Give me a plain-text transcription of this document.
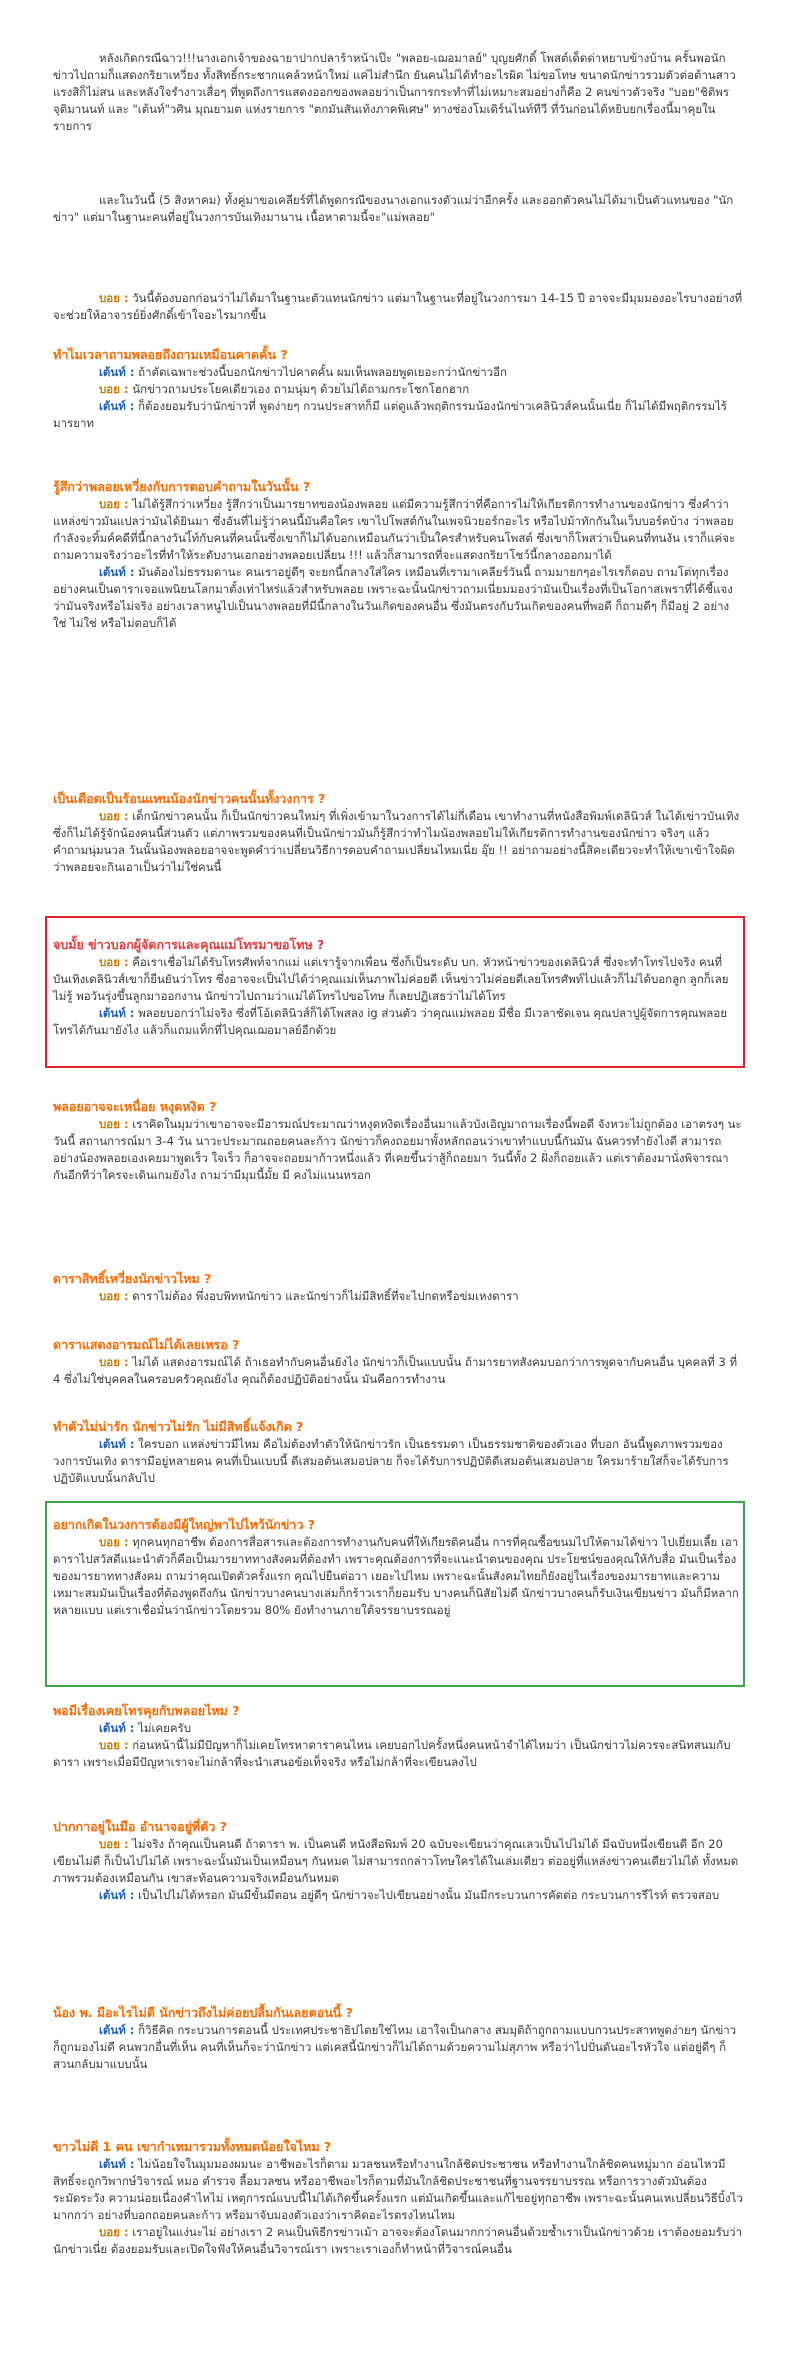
หลังเกิดกรณีฉาว!!!นางเอกเจ้าของฉายาปากปลาร้าหน้าเป๊ะ "พลอย-เฌอมาลย์" บุญยศักดิ์ โพสต์เด็ดด่าหยาบข้างบ้าน ครั้นพอนักข่าวไปถามก็แสดงกริยาเหวี่ยง ทั้งสิทธิ์กระชากแคล้วหน้าใหม่ แค่ไม่สำนึก ยันคนไม่ได้ทำอะไรผิด ไม่ขอโทษ ขนาดนักข่าวรวมตัวต่อต้านสาวแรงสิก็ไม่สน และหลังใจรำงาวเสื่อๆ ที่พูดถึงการแสดงออกของพลอยว่าเป็นการกระทำที่ไม่เหมาะสมอย่างก็คือ 2 คนข่าวตัวจริง "บอย"ชิติพร จุติมานนท์ และ "เต้นท์"วศิน มุณยามต แห่งรายการ "ตกมันสันเท้งภาคพิเศษ" ทางช่องโมเดิร์นไนท์ทีวี ที่วันก่อนได้หยิบยกเรื่องนี้มาคุยในรายการ

และในวันนี้ (5 สิงหาคม) ทั้งคู่มาขอเคลียร์ที่ได้พูดกรณีของนางเอกแรงตัวแม่ว่าอีกครั้ง และออกตัวคนไม่ได้มาเป็นตัวแทนของ "นักข่าว" แต่มาในฐานะคนที่อยู่ในวงการบันเทิงมานาน เนื้อหาตามนี้จะ"แม่พลอย"

บอย : วันนี้ต้องบอกก่อนว่าไม่ได้มาในฐานะตัวแทนนักข่าว แต่มาในฐานะที่อยู่ในวงการมา 14-15 ปี อาจจะมีมุมมองอะไรบางอย่างที่จะช่วยให้อาจารย์ยิ่งศักดิ์เข้าใจอะไรมากขึ้น

ทำไมเวลาถามพลอยถึงถามเหมือนคาดคั้น ?

เต้นท์ : ถ้าตัดเฉพาะช่วงนี้บอกนักข่าวไปคาดคั้น ผมเห็นพลอยพูดเยอะกว่านักข่าวอีก

บอย : นักข่าวถามประโยคเดียวเอง ถามนุ่มๆ ด้วยไม่ได้ถามกระโชกโฮกฮาก

เต้นท์ : ก็ต้องยอมรับว่านักข่าวที่ พูดง่ายๆ กวนประสาทก็มี แต่ดูแล้วพฤติกรรมน้องนักข่าวเคลินิวส์คนนั้นเนี่ย ก็ไม่ได้มีพฤติกรรมไร้มารยาท

รู้สึกว่าพลอยเหวี่ยงกับการตอบคำถามในวันนั้น ?

บอย : ไม่ได้รู้สึกว่าเหวี่ยง รู้สึกว่าเป็นมารยาทของน้องพลอย แต่มีความรู้สึกว่าที่คือการไม่ให้เกียรติการทำงานของนักข่าว ซึ่งคำว่าแหล่งข่าวมันแปลว่ามันได้ยินมา ซึ่งอันที่ไม่รู้ว่าคนนี้มันคือใคร เขาไปโพสต์กันในเพจนิวยอร์กอะไร หรือไปม้าทักกันในเว็บบอร์ดบ้าง ว่าพลอยกำลังจะทิ้มค์คดีที่นี้กลางวันไ้ท์กับคนที่คนนั้นซึ่งเขาก็ไม่ได้บอกเหมือนกันว่าเป็นใครสำหรับคนโพสต์ ซึ่งเขาก็โพสว่าเป็นคนที่ทนงัน เราก็แค่จะถามความจริงว่าอะไรที่ทำให้ระดับงานเอกอย่างพลอยเปลี่ยน !!! แล้วก็สามารถที่จะแสดงกริยาโชว์นี้กลางออกมาได้

เต้นท์ : มันต้องไม่ธรรมดานะ คนเราอยู่ดีๆ จะยกนี้กลางใส่ใคร เหมือนที่เรามาเคลียร์วันนี้ ถามมายกๆอะไรเรก็ตอบ ถามโต่ทุกเรื่อง อย่างคนเป็นดาราเจอแพนิยนโลกมาตั้งเท่าไหร่แล้วสำหรับพลอย เพราะฉะนั้นนักข่าวถามเนี่ยมมองว่ามันเป็นเรื่องที่เป็นโอกาสเพราที่ได้ชี้แจงว่ามันจริงหรือไม่จริง อย่างเวลาหนูไปเป็นนางพลอยที่มีนี้กลางในวันเกิดของคนอื่น ซึ่งมันตรงกับวันเกิดของคนที่พอดี ก็ถามดีๆ ก็มีอยู่ 2 อย่าง ใช่ ไม่ใช่ หรือไม่ตอบก็ได้

เป็นเดือดเป็นร้อนแทนน้องนักข่าวคนนั้นทั้งวงการ ?

บอย : เด็กนักข่าวคนนั้น ก็เป็นนักข่าวคนใหม่ๆ ที่เพิ่งเข้ามาในวงการได้ไม่กี่เดือน เขาทำงานที่หนังสือพิมพ์เดลินิวส์ ในได้เข่าวบันเทิง ซึ่งก็ไม่ได้รู้จักน้องคนนี้ส่วนตัว แต่ภาพรวมของคนที่เป็นนักข่าวมันก็รู้สึกว่าทำไมน้องพลอยไม่ให้เกียรติการทำงานของนักข่าว จริงๆ แล้วคำถามนุ่มนวล วันนั้นน้องพลอยอาจจะพูดคำว่าเปลี่ยนวิธีการตอบคำถามเปลี่ยนไหมเนี่ย อุ๊ย !! อย่าถามอย่างนี้สิคะเดียวจะทำให้เขาเข้าใจผิดว่าพลอยจะกินเอาเป็นว่าไม่ใช่คนนี้

จบมั้ย ข่าวบอกผู้จัดการและคุณแม่โทรมาขอโทษ ?

บอย : คือเราเชื่อไม่ได้รับโทรศัพท์จากแม่ แต่เรารู้จากเพื่อน ซึ่งก็เป็นระดับ บก. หัวหน้าข่าวของเดลินิวส์ ซึ่งจะทำโทรไปจริง คนที่บันเทิงเดลินิวส์เขาก็ยืนยันว่าโทร ซึ่งอาจจะเป็นไปได้ว่าคุณแม่เห็นภาพไม่ค่อยดี เห็นข่าวไม่ค่อยดีเลยโทรศัพท์ไปแล้วก็ไม่ได้บอกลูก ลูกก็เลยไม่รู้ พอวันรุ่งขึ้นลูกมาออกงาน นักข่าวไปถามว่าแม่ได้โทรไปขอโทษ ก็เลยปฏิเสธว่าไม่ได้โทร

เต้นท์ : พลอยบอกว่าไม่จริง ซึ่งที่โอ้เดลินิวส์ก็ได้โพสลง ig ส่วนตัว ว่าคุณแม่พลอย มีชื่อ มีเวลาชัดเจน คุณปลาปูผู้จัดการคุณพลอยโทรได้กันมายังไง แล้วก็แถมแท็กที่ไปคุณเฌอมาลย์อีกด้วย

พลอยอาจจะเหนื่อย หงุดหงิด ?

บอย : เราคิดในมุมว่าเขาอาจจะมีอารมณ์ประมาณว่าหงุดหงิดเรื่องอื่นมาแล้วบังเอิญมาถามเรื่องนี้พอดี จังหวะไม่ถูกต้อง เอาตรงๆ นะวันนี้ สถานการณ์มา 3-4 วัน นาวะประมาณถอยคนละก้าว นักข่าวก็คงถอยมาพั้งหลักถอนว่าเขาทำแบบนี้กันมัน ฉันควรทำยังไงดี สามารถอย่างน้องพลอยเองเคยมาพูดเร็ว ใจเร็ว ก็อาจจะถอยมาก้าวหนึ่งแล้ว ที่เคยขึ้นว่าสู้ก็ถอยมา วันนี้ทั้ง 2 ฝั่งก็ถอยแล้ว แต่เราต้องมานั่งพิจารณากันอีกทีว่าใครจะเดินเกมยังไง ถามว่ามีมุมนี้มั้ย มี คงไม่แนนหรอก

ดาราสิทธิ์เหวี่ยงนักข่าวไหม ?

บอย : ดาราไม่ต้อง พึ่งอบพิททนักข่าว และนักข่าวก็ไม่มีสิทธิ์ที่จะไปกดหรือข่มเหงดารา

ดาราแสดงอารมณ์ไม่ได้เลยเหรอ ?

บอย : ไม่ได้ แสดงอารมณ์ได้ ถ้าเธอทำกับคนอื่นยังไง นักข่าวก็เป็นแบบนั้น ถ้ามารยาทสังคมบอกว่าการพูดจากับคนอื่น บุคคลที่ 3 ที่ 4 ซึ่งไม่ใช่บุคคลในครอบครัวคุณยังไง คุณก็ต้องปฏิบัติอย่างนั้น มันคือการทำงาน

ทำตัวไม่น่ารัก นักข่าวไม่รัก ไม่มีสิทธิ์แจ้งเกิด ?

เต้นท์ : ใครบอก แหล่งข่าวมีไหม คือไม่ต้องทำตัวให้นักข่าวรัก เป็นธรรมดา เป็นธรรมชาติของตัวเอง ที่บอก อันนี้พูดภาพรวมของวงการบันเทิง ดารามีอยู่หลายคน คนที่เป็นแบบนี้ ดีเสมอต้นเสมอปลาย ก็จะได้รับการปฏิบัติดีเสมอต้นเสมอปลาย ใครมาร้ายใส่ก็จะได้รับการปฏิบัติแบบนั้นกลับไป

อยากเกิดในวงการต้องมีผู้ใหญ่พาไปไหว้นักข่าว ?

บอย : ทุกคนทุกอาชีพ ต้องการสื่อสารและต้องการทำงานกับคนที่ให้เกียรติคนอื่น การที่คุณซื้อขนมไปให้ตามได้ข่าว ไปเยี่ยมเลี้ย เอาดาราไปสวัสดีแนะนำตัวก็คือเป็นมารยาททางสังคมที่ต้องทำ เพราะคุณต้องการที่จะแนะนำตนของคุณ ประโยชน์ของคุณให้กับสื่อ มันเป็นเรื่องของมารยาททางสังคม ถามว่าคุณเปิดตัวครั้งแรก คุณไปยืนต่อวา เยอะไปไหม เพราะฉะนั้นสังคมไทยก็ยังอยู่ในเรื่องของมารยาทและความเหมาะสมมันเป็นเรื่องที่ต้องพูดถึงกัน นักข่าวบางคนบางเล่มก็กร้าวเราก็ยอมรับ บางคนก็นิสัยไม่ดี นักข่าวบางคนก็รับเงินเขียนข่าว มันก็มีหลากหลายแบบ แต่เราเชื่อมั่นว่านักข่าวโดยรวม 80% ยังทำงานภายใต้จรรยาบรรณอยู่

พอมีเรื่องเคยโทรคุยกับพลอยไหม ?

เต้นท์ : ไม่เคยครับ

บอย : ก่อนหน้านี้ไม่มีปัญหาก็ไม่เคยโทรหาดาราคนไหน เคยบอกไปครั้งหนึ่งคนหน้าจำได้ไหมว่า เป็นนักข่าวไม่ควรจะสนิทสนมกับดารา เพราะเมื่อมีปัญหาเราจะไม่กล้าที่จะนำเสนอข้อเท็จจริง หรือไม่กล้าที่จะเขียนลงไป

ปากกาอยู่ในมือ อำนาจอยู่ที่ตัว ?

บอย : ไม่จริง ถ้าคุณเป็นคนดี ถ้าดารา พ. เป็นคนดี หนังสือพิมพ์ 20 ฉบับจะเขียนว่าคุณเลวเป็นไปไม่ได้ มีฉบับหนึ่งเขียนดี อีก 20 เขียนไม่ดี ก็เป็นไปไม่ได้ เพราะฉะนั้นมันเป็นเหมือนๆ กันหมด ไม่สามารถกล่าวโทษใครได้ในเล่มเดียว ต่ออยู่ที่แหล่งข่าวคนเดียวไม่ได้ ทั้งหมดภาพรวมต้องเหมือนกัน เขาสะท้อนความจริงเหมือนกันหมด

เต้นท์ : เป็นไปไม่ได้หรอก มันมีขั้นมีตอน อยู่ดีๆ นักข่าวจะไปเขียนอย่างนั้น มันมีกระบวนการคัดต่อ กระบวนการรีไรท์ ตรวจสอบ

น้อง พ. มีอะไรไม่ดี นักข่าวถึงไม่ค่อยปลื้มกันเลยตอนนี้ ?

เต้นท์ : ก็วิธีคิด กระบวนการตอนนี้ ประเทศประชาธิปไตยใช่ไหม เอาใจเป็นกลาง สมมุติถ้าถูกถามแบบกวนประสาทพูดง่ายๆ นักข่าวก็ถูกมองไม่ดี คนพวกอื่นที่เห็น คนที่เห็นก็จะว่านักข่าว แต่เคสนี้นักข่าวก็ไม่ได้ถามด้วยความไม่สุภาพ หรือว่าไปปั่นดันอะไรหัวใจ แต่อยู่ดีๆ ก็สวนกลับมาแบบนั้น

ขาวไม่ดี 1 คน เขากำเหมารวมทั้งหมดน้อยใจไหม ?

เต้นท์ : ไม่น้อยใจในมุมมองผมนะ อาชีพอะไรก็ตาม มวลชนหรือทำงานใกล้ชิดประชาชน หรือทำงานใกล้ชิดคนหมู่มาก อ่อนไหวมีสิทธิ์จะถูกวิพากษ์วิจารณ์ หมอ ตำรวจ ลี้อมวลชน หรืออาชีพอะไรก็ตามที่มันใกล้ชิดประชาชนที่ฐานจรรยาบรรณ หรือการวางตัวมันต้องระมัดระวัง ความน่อยเนื่องคำไหไม่ เหตุการณ์แบบนี้ไม่ได้เกิดขึ้นครั้งแรก แต่มันเกิดขึ้นและแก้ไขอยู่ทุกอาชีพ เพราะฉะนั้นคนเหเปลี่ยนวิธีบิ้งไวมากกว่า อย่างที่บอกถอยคนละก้าว หรือมาจับมองตัวเองว่าเราคิดอะไรตรงไหนไหม

บอย : เราอยู่ในแง่นะไม่ อย่างเรา 2 คนเป็นพิธีกรข่าวเม้า อาจจะต้องโดนมากกว่าคนอื่นด้วยซ้ำเราเป็นนักข่าวด้วย เราต้องยอมรับว่านักข่าวเนี่ย ต้องยอมรับและเปิดใจฟังให้คนอื่นวิจารณ์เรา เพราะเราเองก็ทำหน้าที่วิจารณ์คนอื่น
